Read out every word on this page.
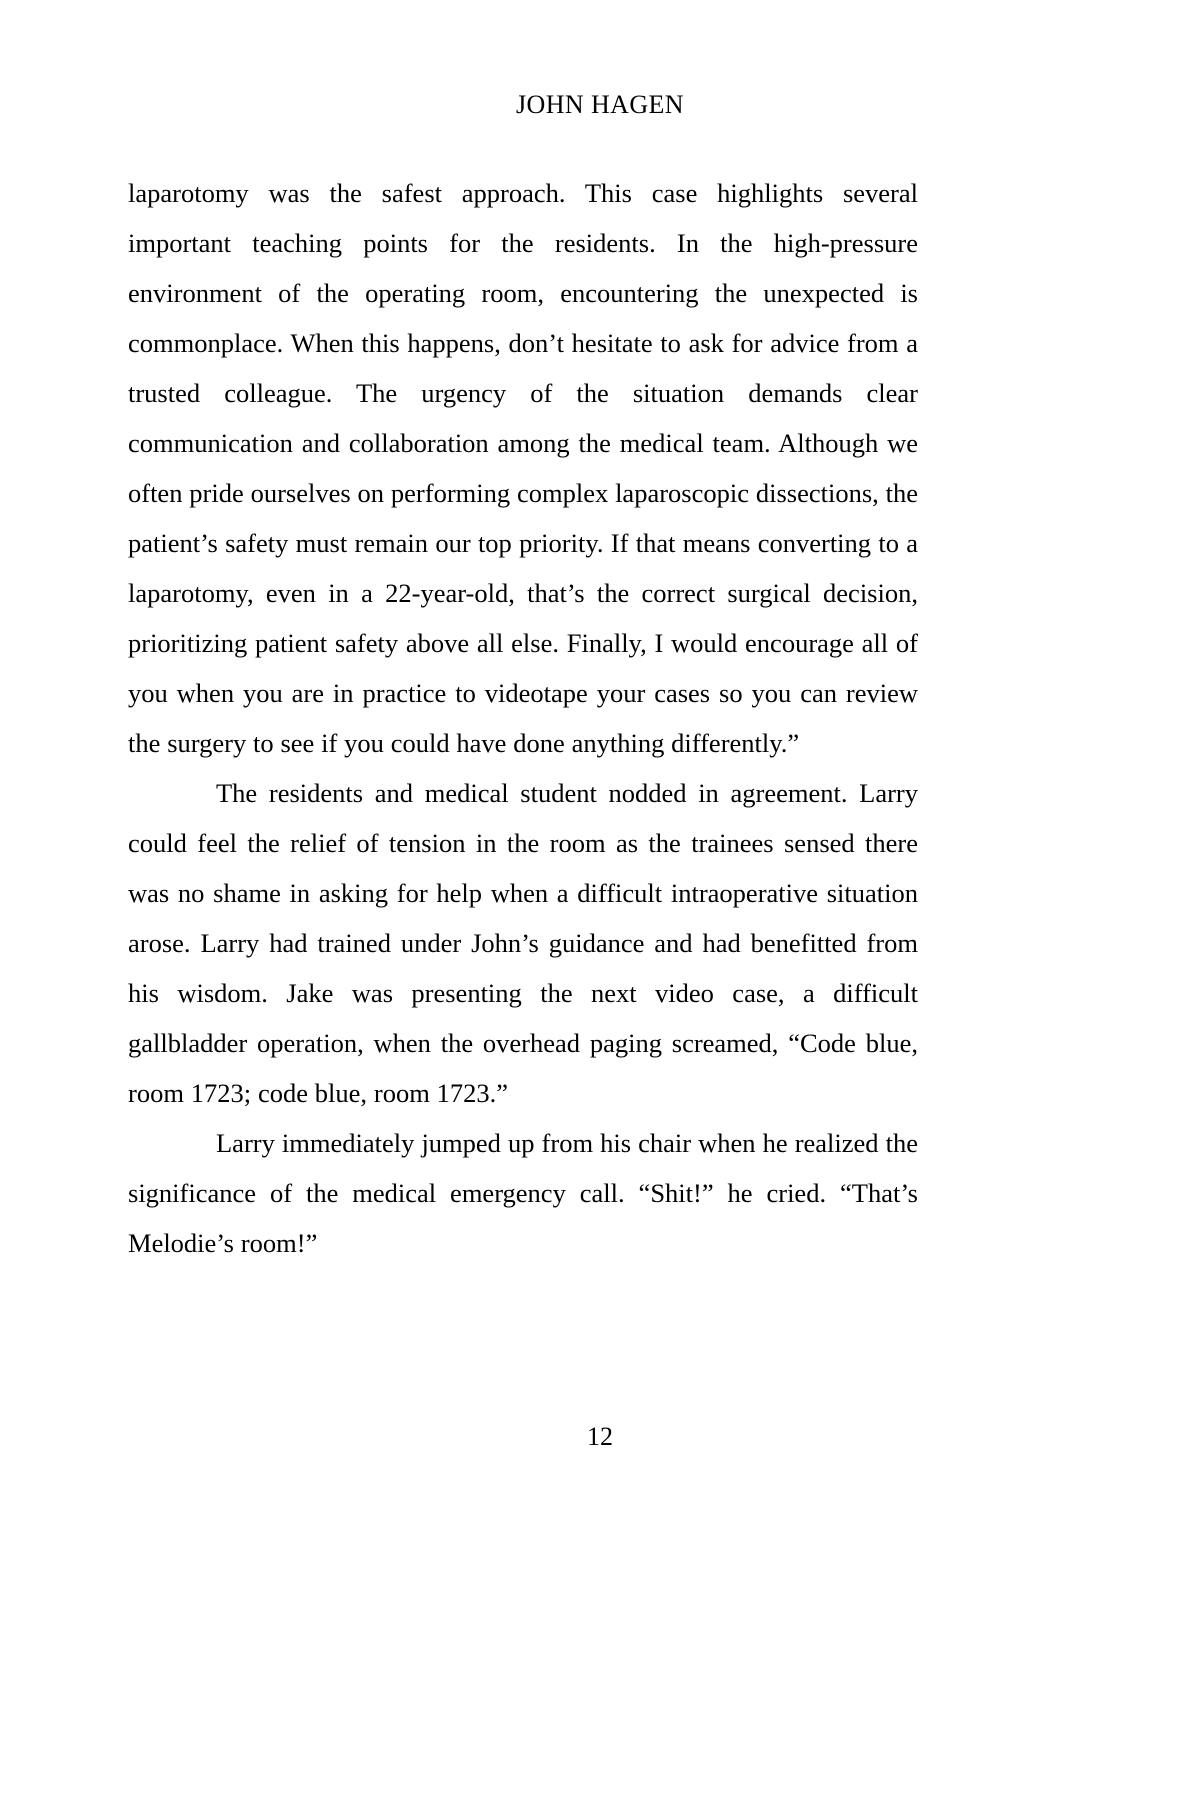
JOHN HAGEN

laparotomy was the safest approach. This case highlights several important teaching points for the residents. In the high-pressure environment of the operating room, encountering the unexpected is commonplace. When this happens, don’t hesitate to ask for advice from a trusted colleague. The urgency of the situation demands clear communication and collaboration among the medical team. Although we often pride ourselves on performing complex laparoscopic dissections, the patient’s safety must remain our top priority. If that means converting to a laparotomy, even in a 22-year-old, that’s the correct surgical decision, prioritizing patient safety above all else. Finally, I would encourage all of you when you are in practice to videotape your cases so you can review the surgery to see if you could have done anything differently.”

The residents and medical student nodded in agreement. Larry could feel the relief of tension in the room as the trainees sensed there was no shame in asking for help when a difficult intraoperative situation arose. Larry had trained under John’s guidance and had benefitted from his wisdom. Jake was presenting the next video case, a difficult gallbladder operation, when the overhead paging screamed, “Code blue, room 1723; code blue, room 1723.”

Larry immediately jumped up from his chair when he realized the significance of the medical emergency call. “Shit!” he cried. “That’s Melodie’s room!”

12
